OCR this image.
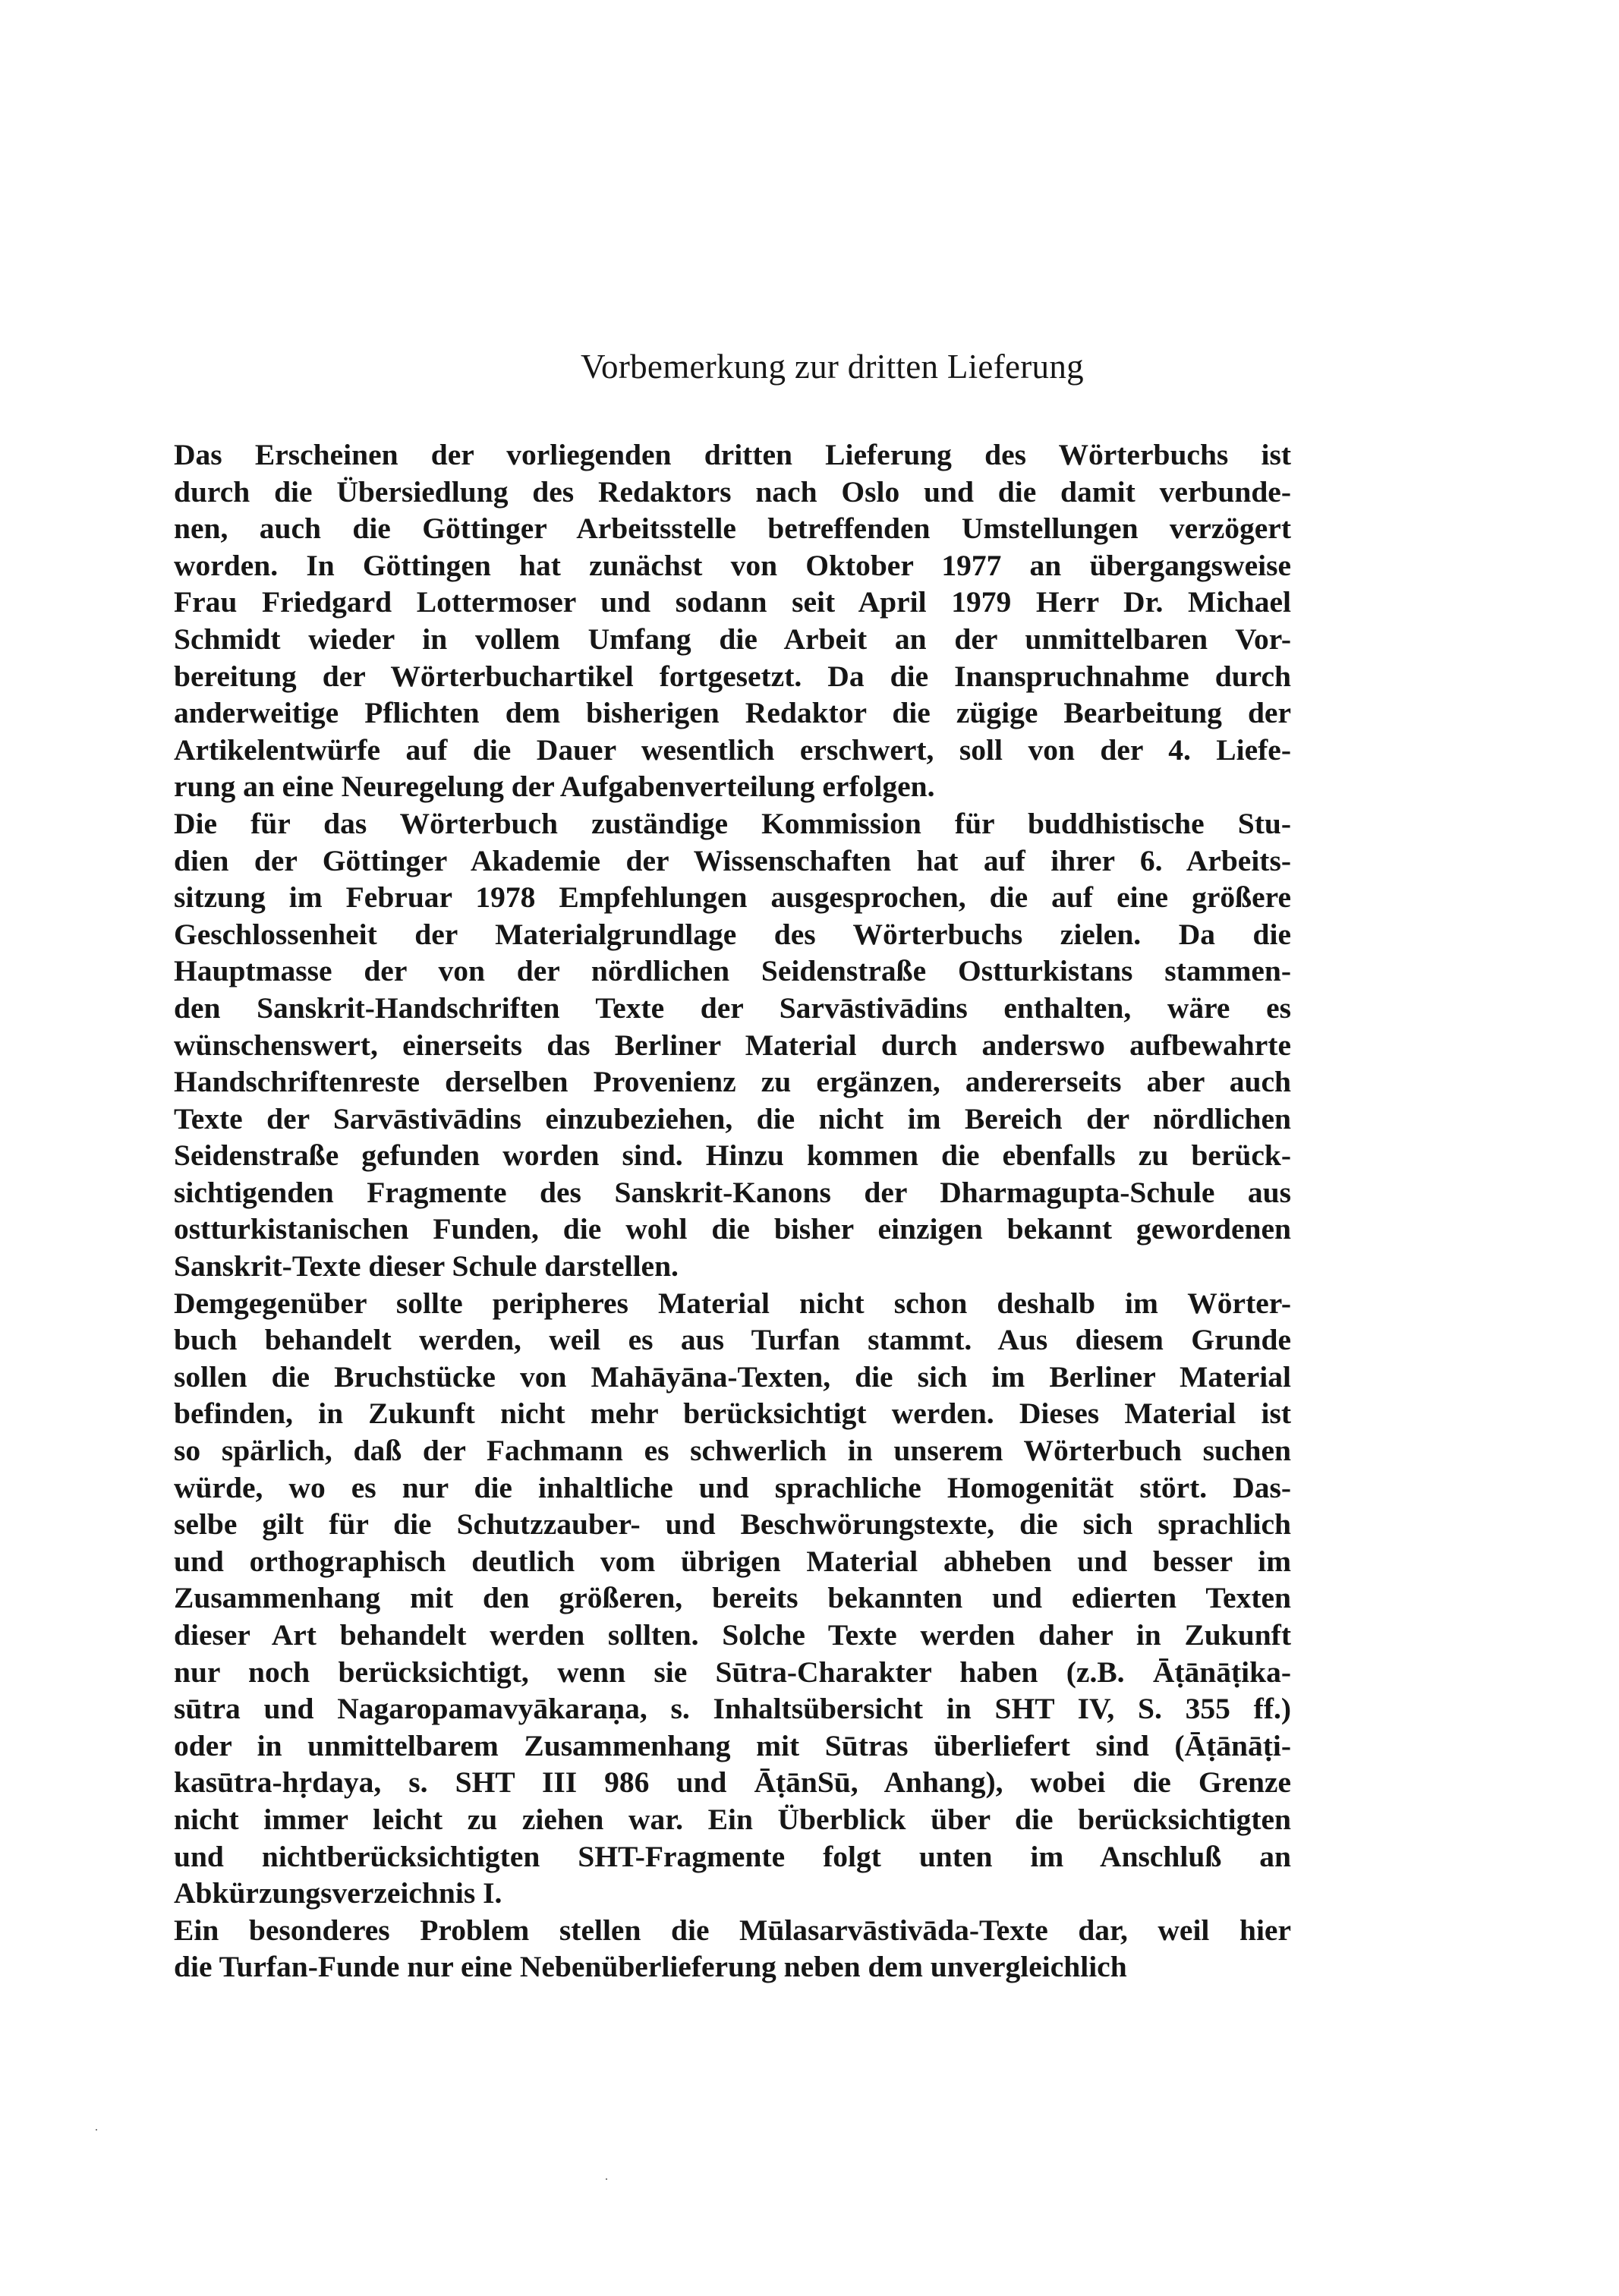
Vorbemerkung zur dritten Lieferung
Das Erscheinen der vorliegenden dritten Lieferung des Wörterbuchs ist
durch die Übersiedlung des Redaktors nach Oslo und die damit verbunde-
nen, auch die Göttinger Arbeitsstelle betreffenden Umstellungen verzögert
worden. In Göttingen hat zunächst von Oktober 1977 an übergangsweise
Frau Friedgard Lottermoser und sodann seit April 1979 Herr Dr. Michael
Schmidt wieder in vollem Umfang die Arbeit an der unmittelbaren Vor-
bereitung der Wörterbuchartikel fortgesetzt. Da die Inanspruchnahme durch
anderweitige Pflichten dem bisherigen Redaktor die zügige Bearbeitung der
Artikelentwürfe auf die Dauer wesentlich erschwert, soll von der 4. Liefe-
rung an eine Neuregelung der Aufgabenverteilung erfolgen.
Die für das Wörterbuch zuständige Kommission für buddhistische Stu-
dien der Göttinger Akademie der Wissenschaften hat auf ihrer 6. Arbeits-
sitzung im Februar 1978 Empfehlungen ausgesprochen, die auf eine größere
Geschlossenheit der Materialgrundlage des Wörterbuchs zielen. Da die
Hauptmasse der von der nördlichen Seidenstraße Ostturkistans stammen-
den Sanskrit-Handschriften Texte der Sarvāstivādins enthalten, wäre es
wünschenswert, einerseits das Berliner Material durch anderswo aufbewahrte
Handschriftenreste derselben Provenienz zu ergänzen, andererseits aber auch
Texte der Sarvāstivādins einzubeziehen, die nicht im Bereich der nördlichen
Seidenstraße gefunden worden sind. Hinzu kommen die ebenfalls zu berück-
sichtigenden Fragmente des Sanskrit-Kanons der Dharmagupta-Schule aus
ostturkistanischen Funden, die wohl die bisher einzigen bekannt gewordenen
Sanskrit-Texte dieser Schule darstellen.
Demgegenüber sollte peripheres Material nicht schon deshalb im Wörter-
buch behandelt werden, weil es aus Turfan stammt. Aus diesem Grunde
sollen die Bruchstücke von Mahāyāna-Texten, die sich im Berliner Material
befinden, in Zukunft nicht mehr berücksichtigt werden. Dieses Material ist
so spärlich, daß der Fachmann es schwerlich in unserem Wörterbuch suchen
würde, wo es nur die inhaltliche und sprachliche Homogenität stört. Das-
selbe gilt für die Schutzzauber- und Beschwörungstexte, die sich sprachlich
und orthographisch deutlich vom übrigen Material abheben und besser im
Zusammenhang mit den größeren, bereits bekannten und edierten Texten
dieser Art behandelt werden sollten. Solche Texte werden daher in Zukunft
nur noch berücksichtigt, wenn sie Sūtra-Charakter haben (z.B. Āṭānāṭika-
sūtra und Nagaropamavyākaraṇa, s. Inhaltsübersicht in SHT IV, S. 355 ff.)
oder in unmittelbarem Zusammenhang mit Sūtras überliefert sind (Āṭānāṭi-
kasūtra-hṛdaya, s. SHT III 986 und ĀṭānSū, Anhang), wobei die Grenze
nicht immer leicht zu ziehen war. Ein Überblick über die berücksichtigten
und nichtberücksichtigten SHT-Fragmente folgt unten im Anschluß an
Abkürzungsverzeichnis I.
Ein besonderes Problem stellen die Mūlasarvāstivāda-Texte dar, weil hier
die Turfan-Funde nur eine Nebenüberlieferung neben dem unvergleichlich
